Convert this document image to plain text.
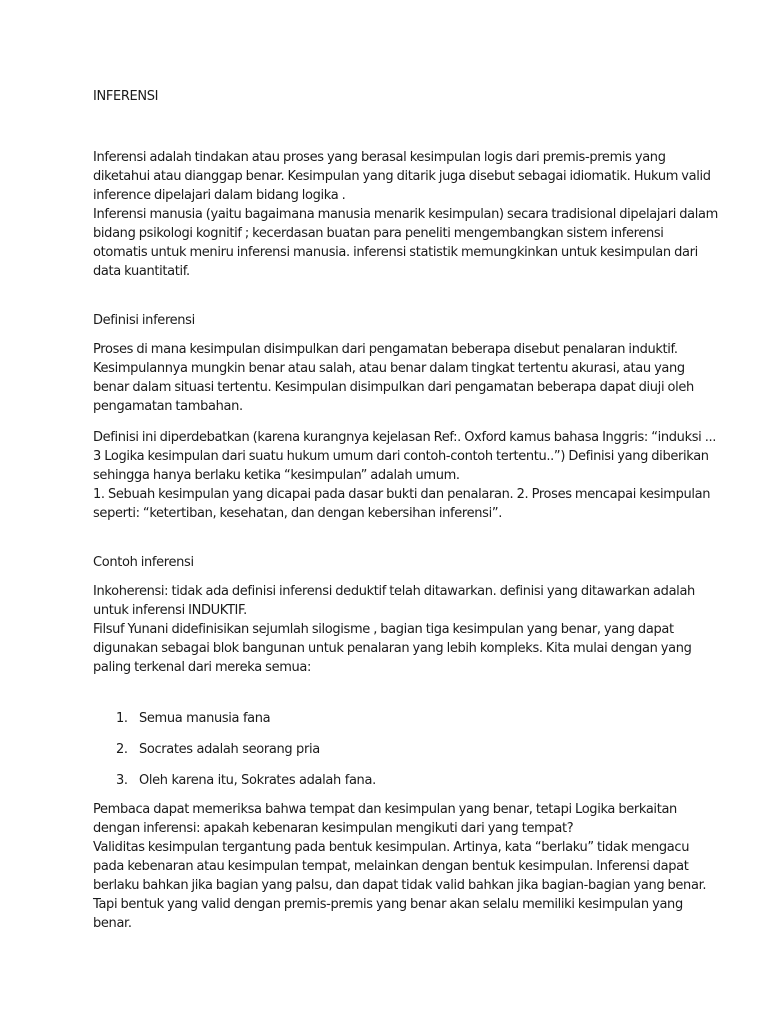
INFERENSI

Inferensi adalah tindakan atau proses yang berasal kesimpulan logis dari premis-premis yang
diketahui atau dianggap benar. Kesimpulan yang ditarik juga disebut sebagai idiomatik. Hukum valid
inference dipelajari dalam bidang logika .
Inferensi manusia (yaitu bagaimana manusia menarik kesimpulan) secara tradisional dipelajari dalam
bidang psikologi kognitif ; kecerdasan buatan para peneliti mengembangkan sistem inferensi
otomatis untuk meniru inferensi manusia. inferensi statistik memungkinkan untuk kesimpulan dari
data kuantitatif.

Definisi inferensi

Proses di mana kesimpulan disimpulkan dari pengamatan beberapa disebut penalaran induktif.
Kesimpulannya mungkin benar atau salah, atau benar dalam tingkat tertentu akurasi, atau yang
benar dalam situasi tertentu. Kesimpulan disimpulkan dari pengamatan beberapa dapat diuji oleh
pengamatan tambahan.

Definisi ini diperdebatkan (karena kurangnya kejelasan Ref:. Oxford kamus bahasa Inggris: “induksi ...
3 Logika kesimpulan dari suatu hukum umum dari contoh-contoh tertentu..”) Definisi yang diberikan
sehingga hanya berlaku ketika “kesimpulan” adalah umum.
1. Sebuah kesimpulan yang dicapai pada dasar bukti dan penalaran. 2. Proses mencapai kesimpulan
seperti: “ketertiban, kesehatan, dan dengan kebersihan inferensi”.

Contoh inferensi

Inkoherensi: tidak ada definisi inferensi deduktif telah ditawarkan. definisi yang ditawarkan adalah
untuk inferensi INDUKTIF.
Filsuf Yunani didefinisikan sejumlah silogisme , bagian tiga kesimpulan yang benar, yang dapat
digunakan sebagai blok bangunan untuk penalaran yang lebih kompleks. Kita mulai dengan yang
paling terkenal dari mereka semua:

1. Semua manusia fana
2. Socrates adalah seorang pria
3. Oleh karena itu, Sokrates adalah fana.

Pembaca dapat memeriksa bahwa tempat dan kesimpulan yang benar, tetapi Logika berkaitan
dengan inferensi: apakah kebenaran kesimpulan mengikuti dari yang tempat?
Validitas kesimpulan tergantung pada bentuk kesimpulan. Artinya, kata “berlaku” tidak mengacu
pada kebenaran atau kesimpulan tempat, melainkan dengan bentuk kesimpulan. Inferensi dapat
berlaku bahkan jika bagian yang palsu, dan dapat tidak valid bahkan jika bagian-bagian yang benar.
Tapi bentuk yang valid dengan premis-premis yang benar akan selalu memiliki kesimpulan yang
benar.
